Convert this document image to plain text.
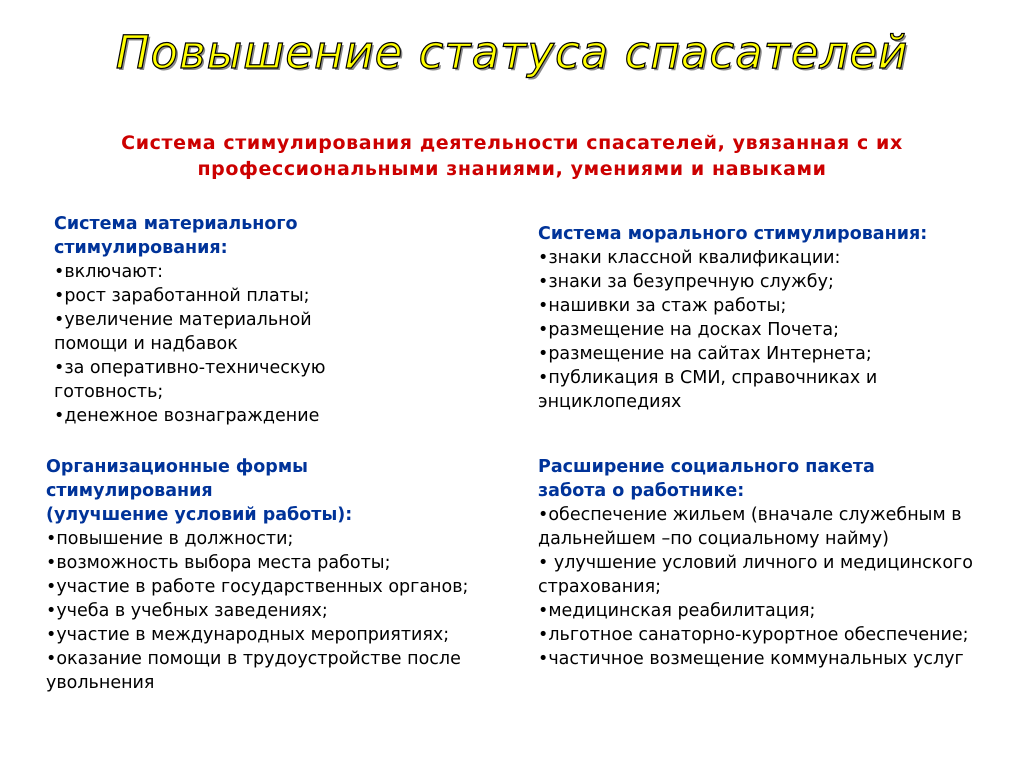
Повышение статуса спасателей
Система стимулирования деятельности спасателей, увязанная с их
профессиональными знаниями, умениями и навыками
Система материального
стимулирования:
•включают:
•рост заработанной платы;
•увеличение материальной помощи и надбавок
•за оперативно-техническую готовность;
•денежное вознаграждение
Система морального стимулирования:
•знаки классной квалификации:
•знаки за безупречную службу;
•нашивки за стаж работы;
•размещение на досках Почета;
•размещение на сайтах Интернета;
•публикация в СМИ, справочниках и энциклопедиях
Организационные формы
стимулирования
(улучшение условий работы):
•повышение в должности;
•возможность выбора места работы;
•участие в работе государственных органов;
•учеба в учебных заведениях;
•участие в международных мероприятиях;
•оказание помощи в трудоустройстве после увольнения
Расширение социального пакета
забота о работнике:
•обеспечение жильем (вначале служебным в дальнейшем –по социальному найму)
• улучшение условий личного и медицинского страхования;
•медицинская реабилитация;
•льготное санаторно-курортное обеспечение;
•частичное возмещение коммунальных услуг
